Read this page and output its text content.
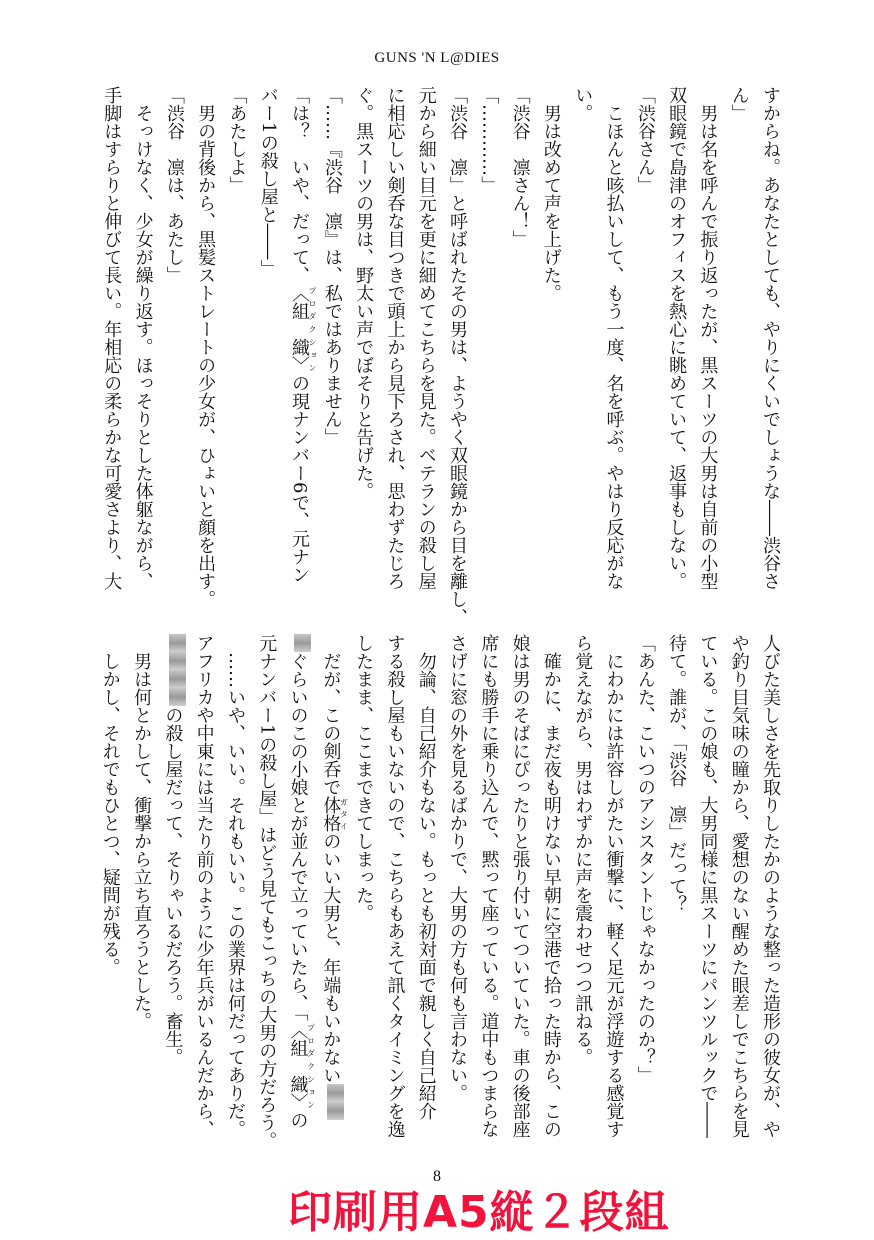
GUNS 'N L@DIES
すからね。あなたとしても、やりにくいでしょうな――渋谷さ
ん」
　男は名を呼んで振り返ったが、黒スーツの大男は自前の小型
双眼鏡で島津のオフィスを熱心に眺めていて、返事もしない。
「渋谷さん」
　こほんと咳払いして、もう一度、名を呼ぶ。やはり反応がな
い。
　男は改めて声を上げた。
「渋谷　凛さん！」
「…………」
「渋谷　凛」と呼ばれたその男は、ようやく双眼鏡から目を離し、
元から細い目元を更に細めてこちらを見た。ベテランの殺し屋
に相応しい剣呑な目つきで頭上から見下ろされ、思わずたじろ
ぐ。黒スーツの男は、野太い声でぼそりと告げた。
「……『渋谷　凛』は、私ではありません」
「は？　いや、だって、〈組　織〉プロダクションの現ナンバー6で、元ナン
バー1の殺し屋と――」
「あたしよ」
　男の背後から、黒髪ストレートの少女が、ひょいと顔を出す。
「渋谷　凛は、あたし」
　そっけなく、少女が繰り返す。ほっそりとした体躯ながら、
手脚はすらりと伸びて長い。年相応の柔らかな可愛さより、大
人びた美しさを先取りしたかのような整った造形の彼女が、や
や釣り目気味の瞳から、愛想のない醒めた眼差しでこちらを見
ている。この娘も、大男同様に黒スーツにパンツルックで――
待て。誰が、「渋谷　凛」だって？
「あんた、こいつのアシスタントじゃなかったのか？」
　にわかには許容しがたい衝撃に、軽く足元が浮遊する感覚す
ら覚えながら、男はわずかに声を震わせつつ訊ねる。
　確かに、まだ夜も明けない早朝に空港で拾った時から、この
娘は男のそばにぴったりと張り付いてついていた。車の後部座
席にも勝手に乗り込んで、黙って座っている。道中もつまらな
さげに窓の外を見るばかりで、大男の方も何も言わない。
　勿論、自己紹介もない。もっとも初対面で親しく自己紹介
する殺し屋もいないので、こちらもあえて訊くタイミングを逸
したまま、ここまできてしまった。
　だが、この剣呑で体格ガタイのいい大男と、年端もいかない
ぐらいのこの小娘とが並んで立っていたら、「〈組　織〉プロダクションの
元ナンバー1の殺し屋」はどう見てもこっちの大男の方だろう。
　……いや、いい。それもいい。この業界は何だってありだ。
アフリカや中東には当たり前のように少年兵がいるんだから、
の殺し屋だって、そりゃいるだろう。畜生。
　男は何とかして、衝撃から立ち直ろうとした。
　しかし、それでもひとつ、疑問が残る。
8
印刷用A5縦２段組
